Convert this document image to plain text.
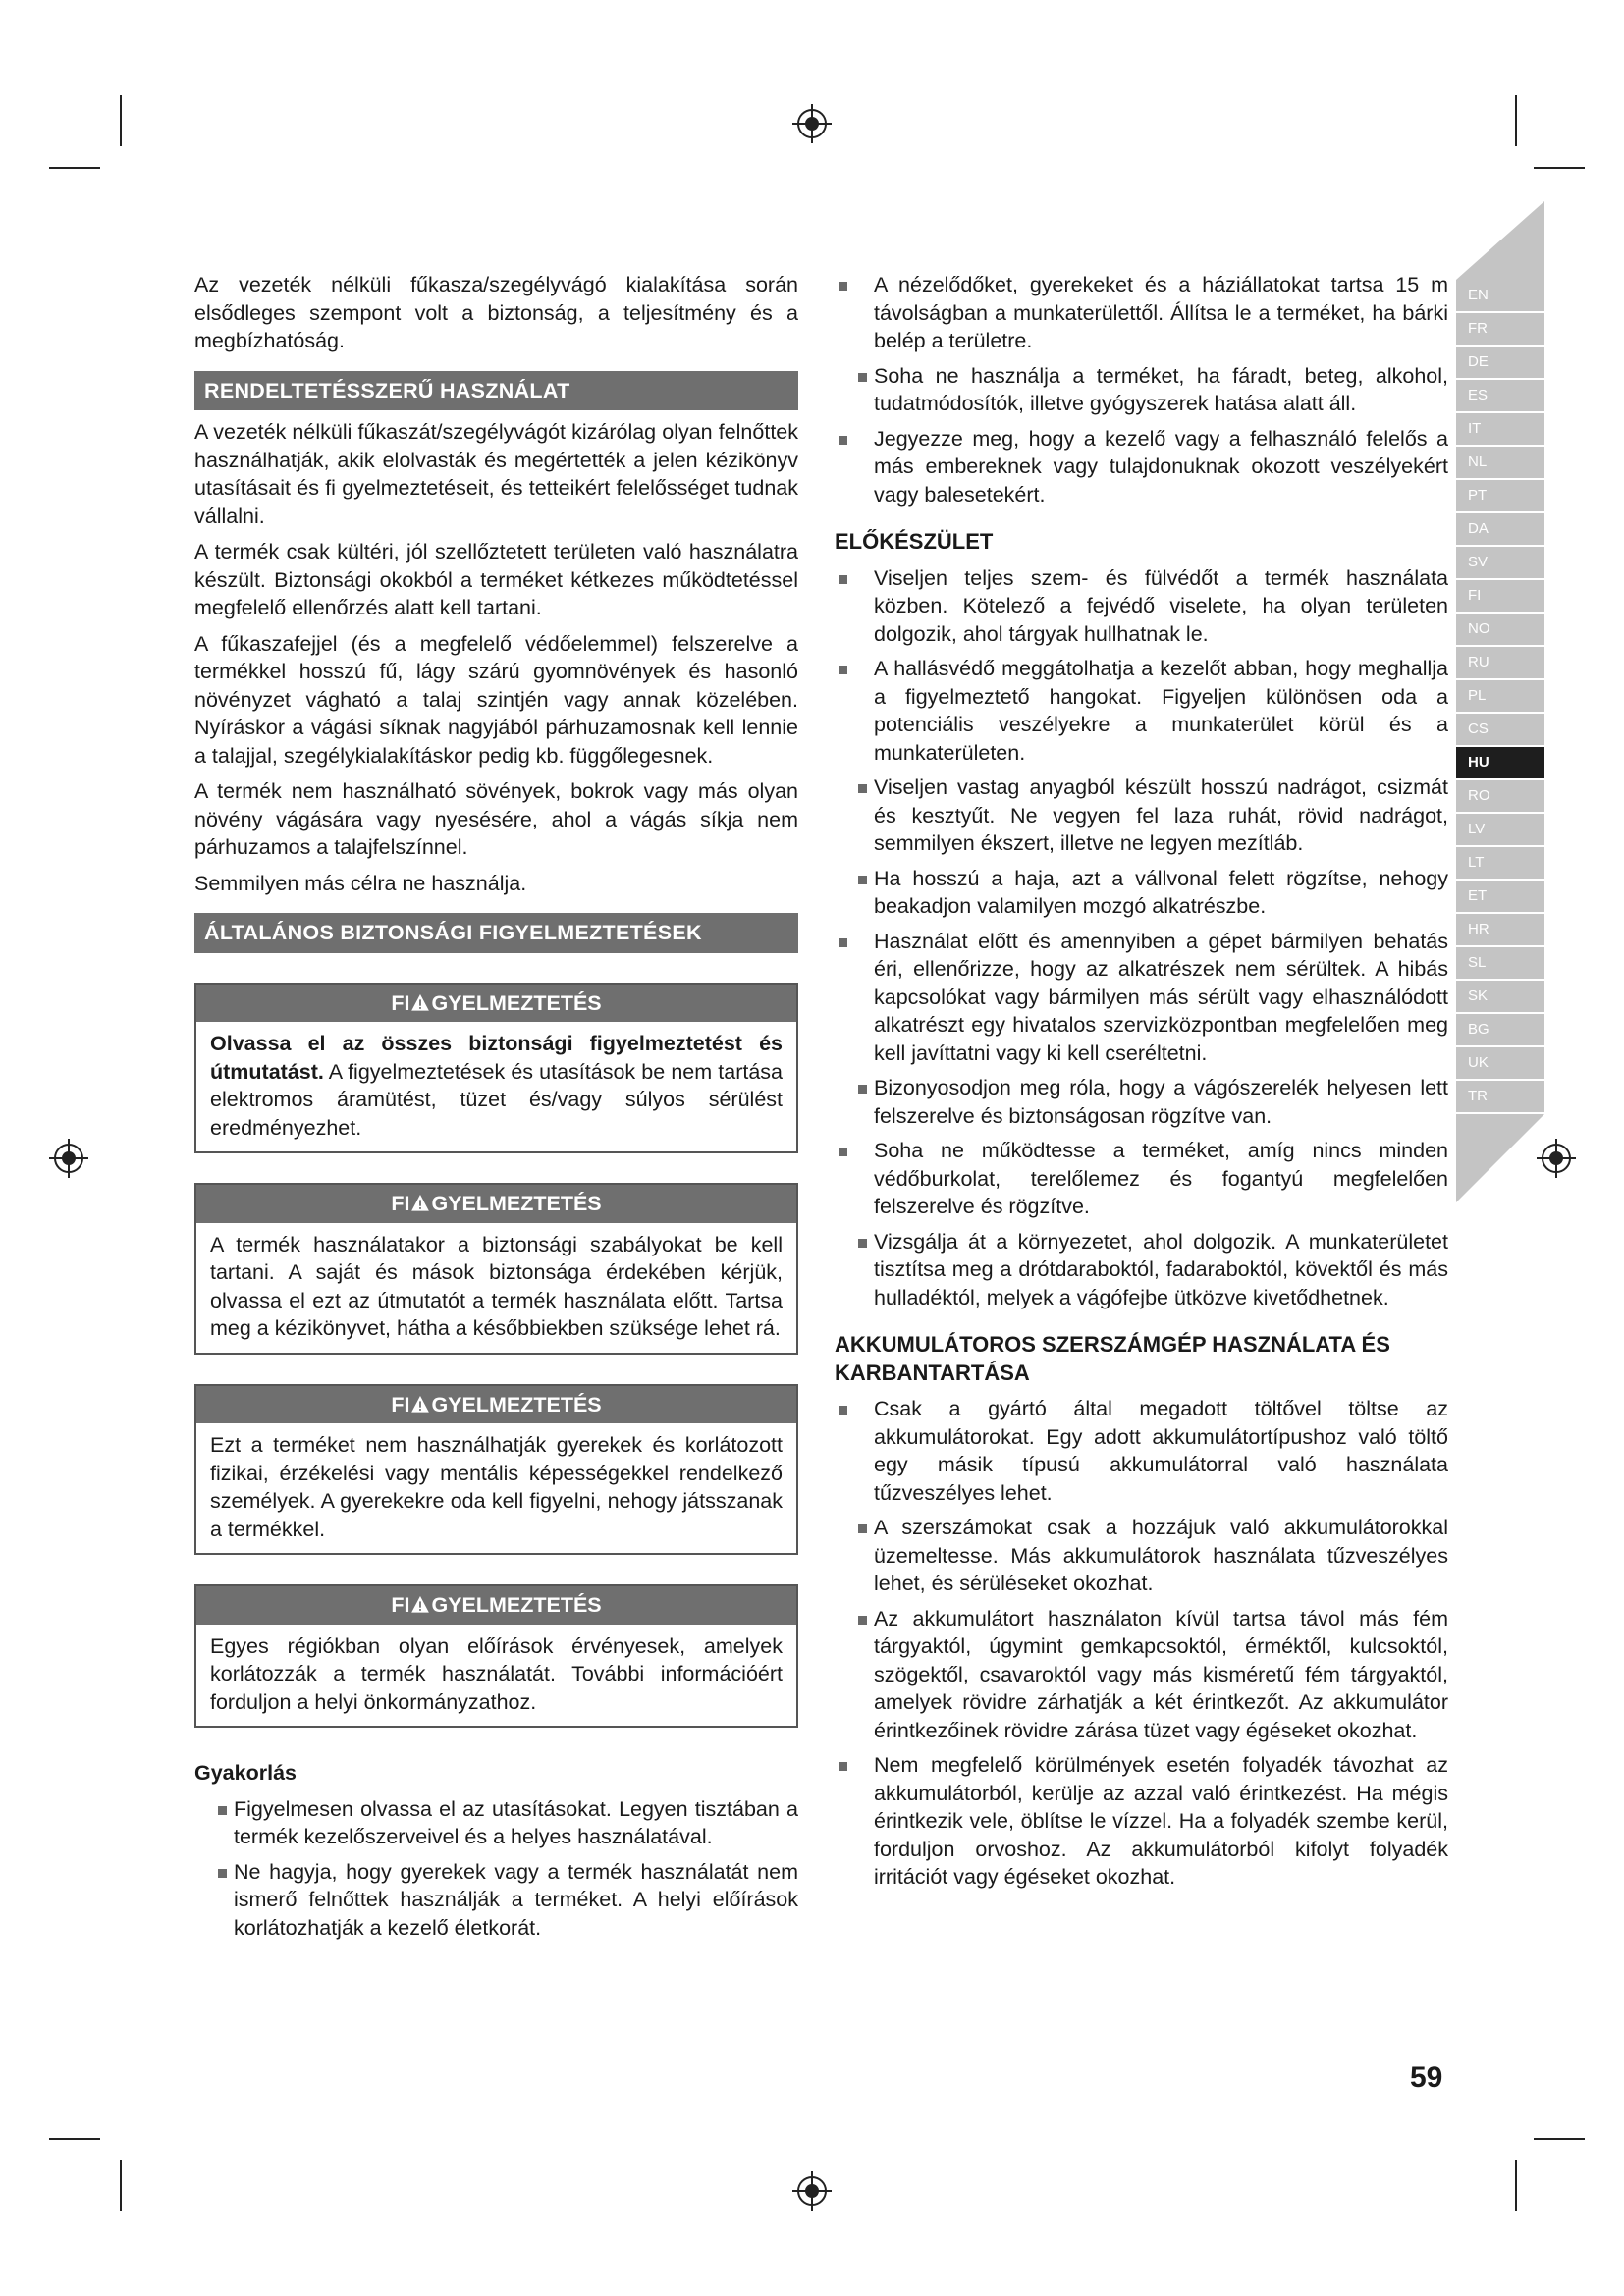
EN
FR
DE
ES
IT
NL
PT
DA
SV
FI
NO
RU
PL
CS
HU
RO
LV
LT
ET
HR
SL
SK
BG
UK
TR

Az vezeték nélküli fűkasza/szegélyvágó kialakítása során elsődleges szempont volt a biztonság, a teljesítmény és a megbízhatóság.

RENDELTETÉSSZERŰ HASZNÁLAT

A vezeték nélküli fűkaszát/szegélyvágót kizárólag olyan felnőttek használhatják, akik elolvasták és megértették a jelen kézikönyv utasításait és fi gyelmeztetéseit, és tetteikért felelősséget tudnak vállalni.

A termék csak kültéri, jól szellőztetett területen való használatra készült. Biztonsági okokból a terméket kétkezes működtetéssel megfelelő ellenőrzés alatt kell tartani.

A fűkaszafejjel (és a megfelelő védőelemmel) felszerelve a termékkel hosszú fű, lágy szárú gyomnövények és hasonló növényzet vágható a talaj szintjén vagy annak közelében. Nyíráskor a vágási síknak nagyjából párhuzamosnak kell lennie a talajjal, szegélykialakításkor pedig kb. függőlegesnek.

A termék nem használható sövények, bokrok vagy más olyan növény vágására vagy nyesésére, ahol a vágás síkja nem párhuzamos a talajfelszínnel.

Semmilyen más célra ne használja.

ÁLTALÁNOS BIZTONSÁGI FIGYELMEZTETÉSEK
FI GYELMEZTETÉS
Olvassa el az összes biztonsági figyelmeztetést és útmutatást. A figyelmeztetések és utasítások be nem tartása elektromos áramütést, tüzet és/vagy súlyos sérülést eredményezhet.
FI GYELMEZTETÉS
A termék használatakor a biztonsági szabályokat be kell tartani. A saját és mások biztonsága érdekében kérjük, olvassa el ezt az útmutatót a termék használata előtt. Tartsa meg a kézikönyvet, hátha a későbbiekben szüksége lehet rá.
FI GYELMEZTETÉS
Ezt a terméket nem használhatják gyerekek és korlátozott fizikai, érzékelési vagy mentális képességekkel rendelkező személyek. A gyerekekre oda kell figyelni, nehogy játsszanak a termékkel.
FI GYELMEZTETÉS
Egyes régiókban olyan előírások érvényesek, amelyek korlátozzák a termék használatát. További információért forduljon a helyi önkormányzathoz.
Gyakorlás
Figyelmesen olvassa el az utasításokat. Legyen tisztában a termék kezelőszerveivel és a helyes használatával.
Ne hagyja, hogy gyerekek vagy a termék használatát nem ismerő felnőttek használják a terméket. A helyi előírások korlátozhatják a kezelő életkorát.
A nézelődőket, gyerekeket és a háziállatokat tartsa 15 m távolságban a munkaterülettől. Állítsa le a terméket, ha bárki belép a területre.
Soha ne használja a terméket, ha fáradt, beteg, alkohol, tudatmódosítók, illetve gyógyszerek hatása alatt áll.
Jegyezze meg, hogy a kezelő vagy a felhasználó felelős a más embereknek vagy tulajdonuknak okozott veszélyekért vagy balesetekért.
ELŐKÉSZÜLET
Viseljen teljes szem- és fülvédőt a termék használata közben. Kötelező a fejvédő viselete, ha olyan területen dolgozik, ahol tárgyak hullhatnak le.
A hallásvédő meggátolhatja a kezelőt abban, hogy meghallja a figyelmeztető hangokat. Figyeljen különösen oda a potenciális veszélyekre a munkaterület körül és a munkaterületen.
Viseljen vastag anyagból készült hosszú nadrágot, csizmát és kesztyűt. Ne vegyen fel laza ruhát, rövid nadrágot, semmilyen ékszert, illetve ne legyen mezítláb.
Ha hosszú a haja, azt a vállvonal felett rögzítse, nehogy beakadjon valamilyen mozgó alkatrészbe.
Használat előtt és amennyiben a gépet bármilyen behatás éri, ellenőrizze, hogy az alkatrészek nem sérültek. A hibás kapcsolókat vagy bármilyen más sérült vagy elhasználódott alkatrészt egy hivatalos szervizközpontban megfelelően meg kell javíttatni vagy ki kell cseréltetni.
Bizonyosodjon meg róla, hogy a vágószerelék helyesen lett felszerelve és biztonságosan rögzítve van.
Soha ne működtesse a terméket, amíg nincs minden védőburkolat, terelőlemez és fogantyú megfelelően felszerelve és rögzítve.
Vizsgálja át a környezetet, ahol dolgozik. A munkaterületet tisztítsa meg a drótdaraboktól, fadaraboktól, kövektől és más hulladéktól, melyek a vágófejbe ütközve kivetődhetnek.
AKKUMULÁTOROS SZERSZÁMGÉP HASZNÁLATA ÉS KARBANTARTÁSA
Csak a gyártó által megadott töltővel töltse az akkumulátorokat. Egy adott akkumulátortípushoz való töltő egy másik típusú akkumulátorral való használata tűzveszélyes lehet.
A szerszámokat csak a hozzájuk való akkumulátorokkal üzemeltesse. Más akkumulátorok használata tűzveszélyes lehet, és sérüléseket okozhat.
Az akkumulátort használaton kívül tartsa távol más fém tárgyaktól, úgymint gemkapcsoktól, érméktől, kulcsoktól, szögektől, csavaroktól vagy más kisméretű fém tárgyaktól, amelyek rövidre zárhatják a két érintkezőt. Az akkumulátor érintkezőinek rövidre zárása tüzet vagy égéseket okozhat.
Nem megfelelő körülmények esetén folyadék távozhat az akkumulátorból, kerülje az azzal való érintkezést. Ha mégis érintkezik vele, öblítse le vízzel. Ha a folyadék szembe kerül, forduljon orvoshoz. Az akkumulátorból kifolyt folyadék irritációt vagy égéseket okozhat.
59
